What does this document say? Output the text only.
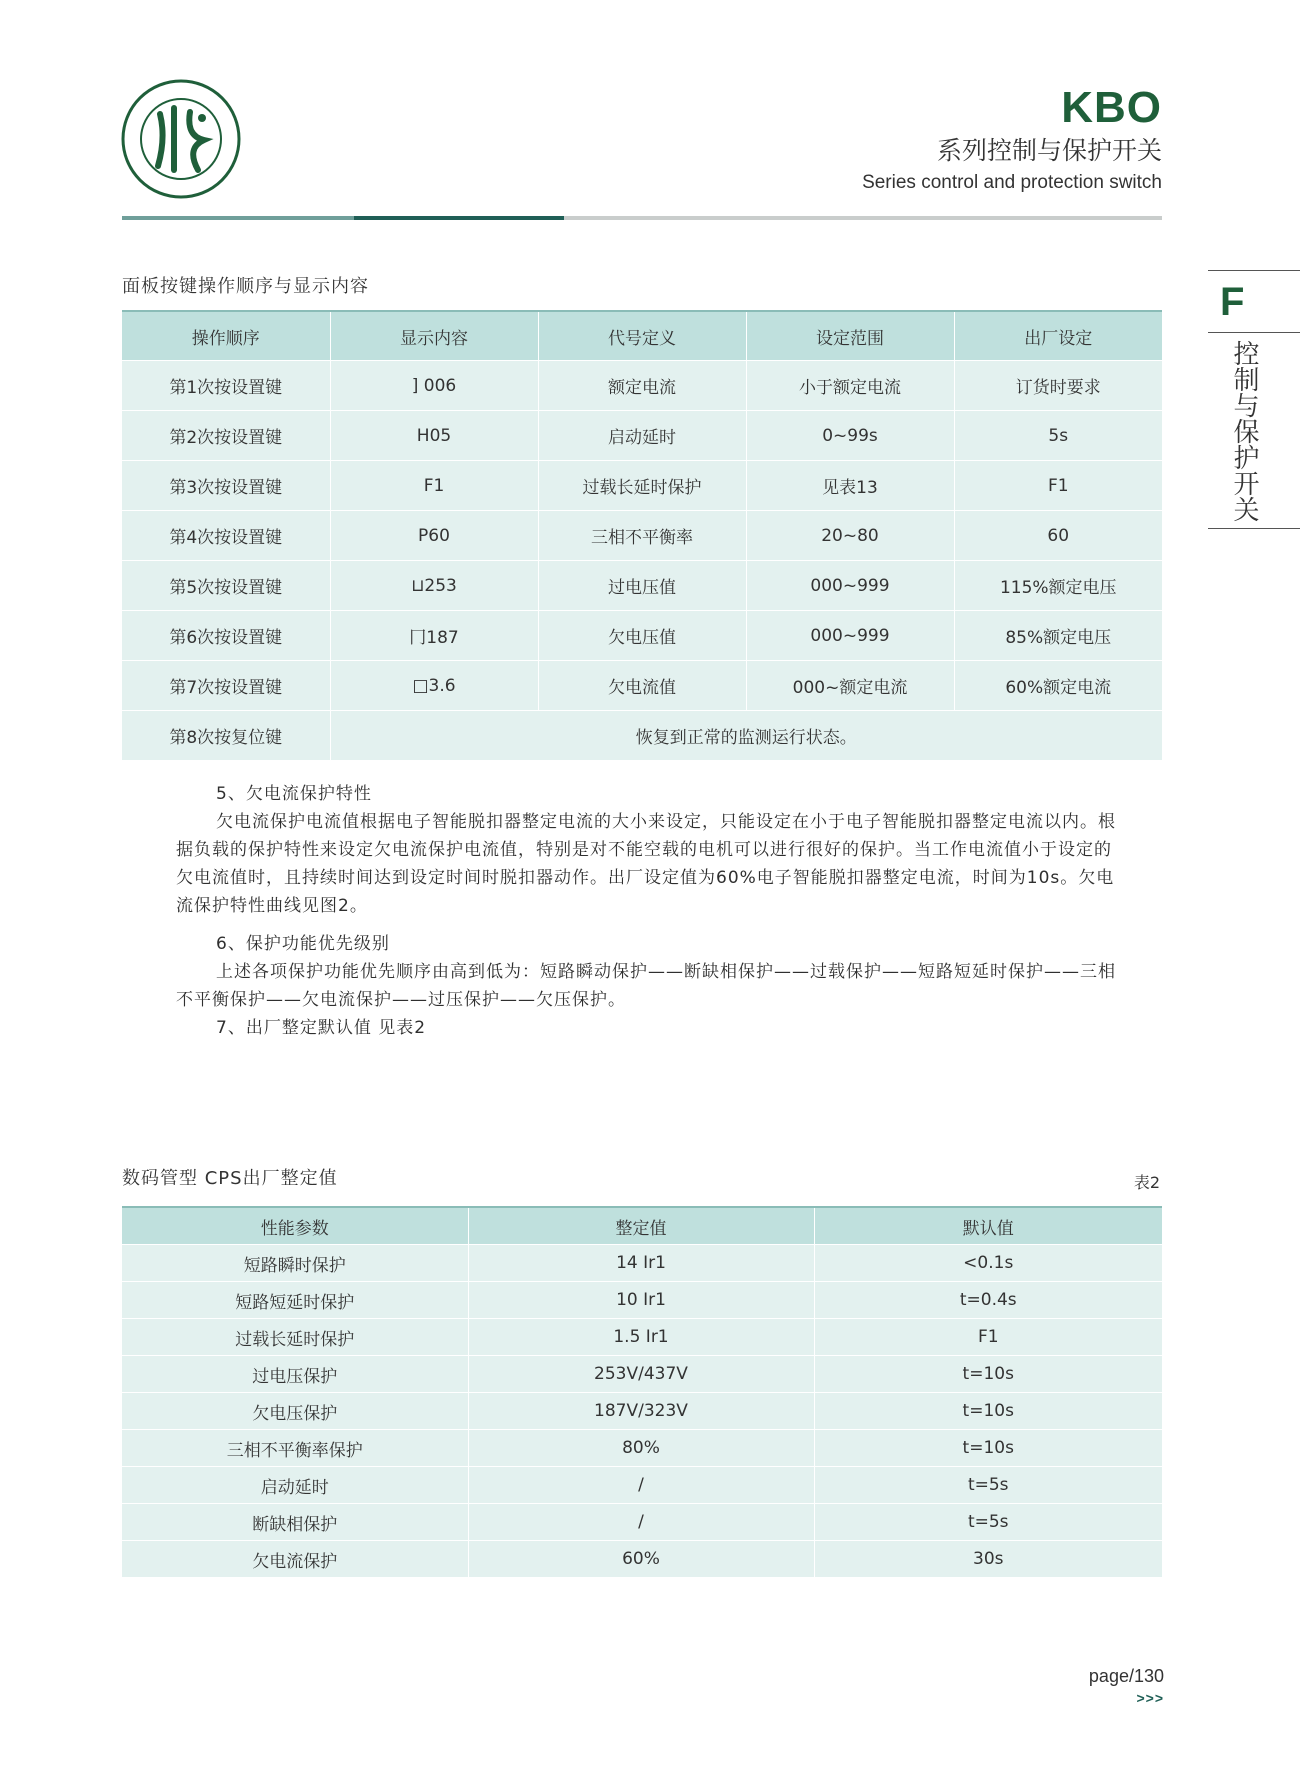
KBO
系列控制与保护开关
Series control and protection switch
F
控制与保护开关
面板按键操作顺序与显示内容
操作顺序	显示内容	代号定义	设定范围	出厂设定
第1次按设置键	] 006	额定电流	小于额定电流	订货时要求
第2次按设置键	H05	启动延时	0~99s	5s
第3次按设置键	F1	过载长延时保护	见表13	F1
第4次按设置键	P60	三相不平衡率	20~80	60
第5次按设置键	⊔253	过电压值	000~999	115%额定电压
第6次按设置键	冂187	欠电压值	000~999	85%额定电压
第7次按设置键	□3.6	欠电流值	000~额定电流	60%额定电流
第8次按复位键	恢复到正常的监测运行状态。			

5、欠电流保护特性

欠电流保护电流值根据电子智能脱扣器整定电流的大小来设定，只能设定在小于电子智能脱扣器整定电流以内。根据负载的保护特性来设定欠电流保护电流值，特别是对不能空载的电机可以进行很好的保护。当工作电流值小于设定的欠电流值时，且持续时间达到设定时间时脱扣器动作。出厂设定值为60%电子智能脱扣器整定电流，时间为10s。欠电流保护特性曲线见图2。

6、保护功能优先级别

上述各项保护功能优先顺序由高到低为：短路瞬动保护——断缺相保护——过载保护——短路短延时保护——三相不平衡保护——欠电流保护——过压保护——欠压保护。

7、出厂整定默认值 见表2

数码管型 CPS出厂整定值	表2
性能参数	整定值	默认值
短路瞬时保护	14 Ir1	<0.1s
短路短延时保护	10 Ir1	t=0.4s
过载长延时保护	1.5 Ir1	F1
过电压保护	253V/437V	t=10s
欠电压保护	187V/323V	t=10s
三相不平衡率保护	80%	t=10s
启动延时	/	t=5s
断缺相保护	/	t=5s
欠电流保护	60%	30s
page/130
>>>
